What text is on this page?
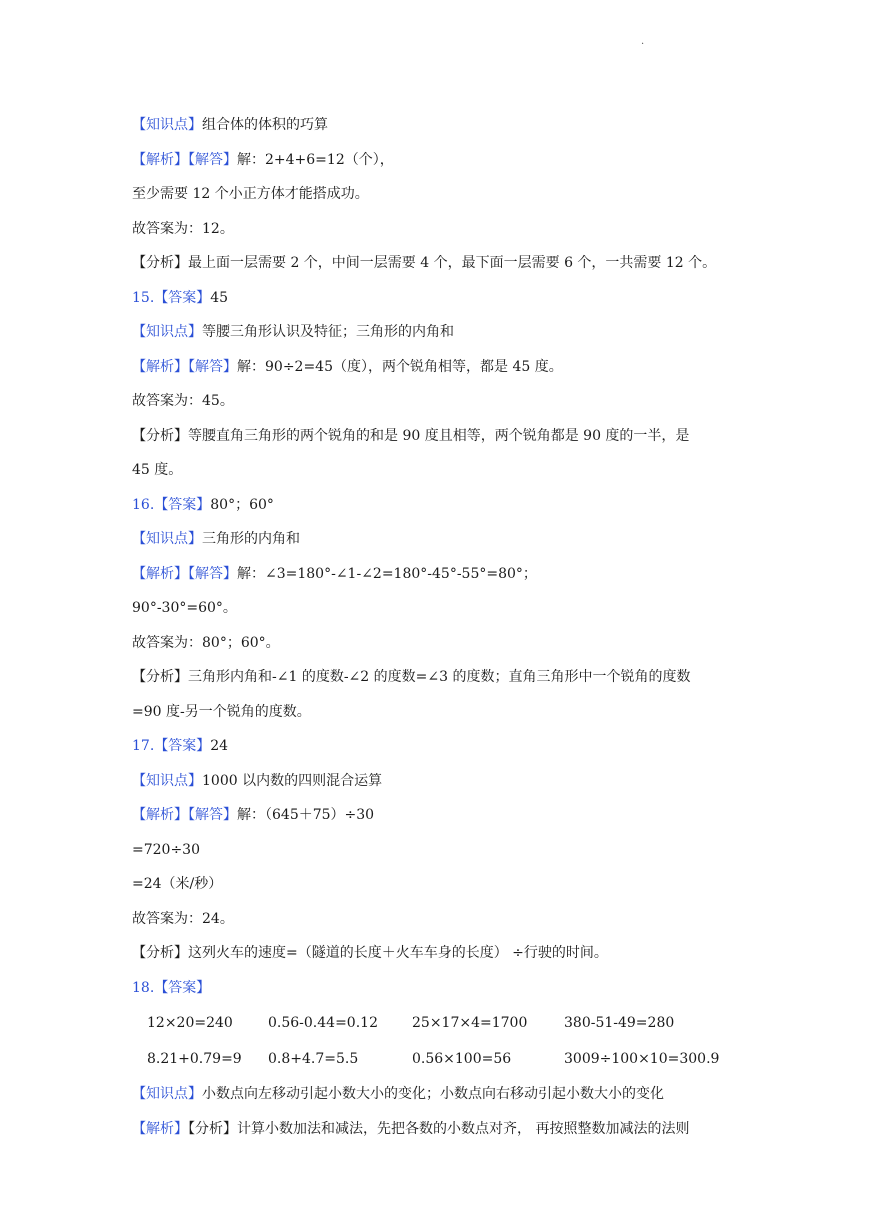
.
【知识点】组合体的体积的巧算
【解析】【解答】解：2+4+6=12（个），
至少需要 12 个小正方体才能搭成功。
故答案为：12。
【分析】最上面一层需要 2 个，中间一层需要 4 个，最下面一层需要 6 个，一共需要 12 个。
15.【答案】45
【知识点】等腰三角形认识及特征；三角形的内角和
【解析】【解答】解：90÷2=45（度），两个锐角相等，都是 45 度。
故答案为：45。
【分析】等腰直角三角形的两个锐角的和是 90 度且相等，两个锐角都是 90 度的一半，是
45 度。
16.【答案】80°；60°
【知识点】三角形的内角和
【解析】【解答】解：∠3=180°-∠1-∠2=180°-45°-55°=80°；
90°-30°=60°。
故答案为：80°；60°。
【分析】三角形内角和-∠1 的度数-∠2 的度数=∠3 的度数；直角三角形中一个锐角的度数
=90 度-另一个锐角的度数。
17.【答案】24
【知识点】1000 以内数的四则混合运算
【解析】【解答】解：（645＋75）÷30
=720÷30
=24（米/秒）
故答案为：24。
【分析】这列火车的速度=（隧道的长度＋火车车身的长度） ÷行驶的时间。
18.【答案】
12×20=240	0.56-0.44=0.12 25×17×4=1700	380-51-49=280
8.21+0.79=9 0.8+4.7=5.5	0.56×100=56	3009÷100×10=300.9
【知识点】小数点向左移动引起小数大小的变化；小数点向右移动引起小数大小的变化
【解析】【分析】计算小数加法和减法，先把各数的小数点对齐， 再按照整数加减法的法则
